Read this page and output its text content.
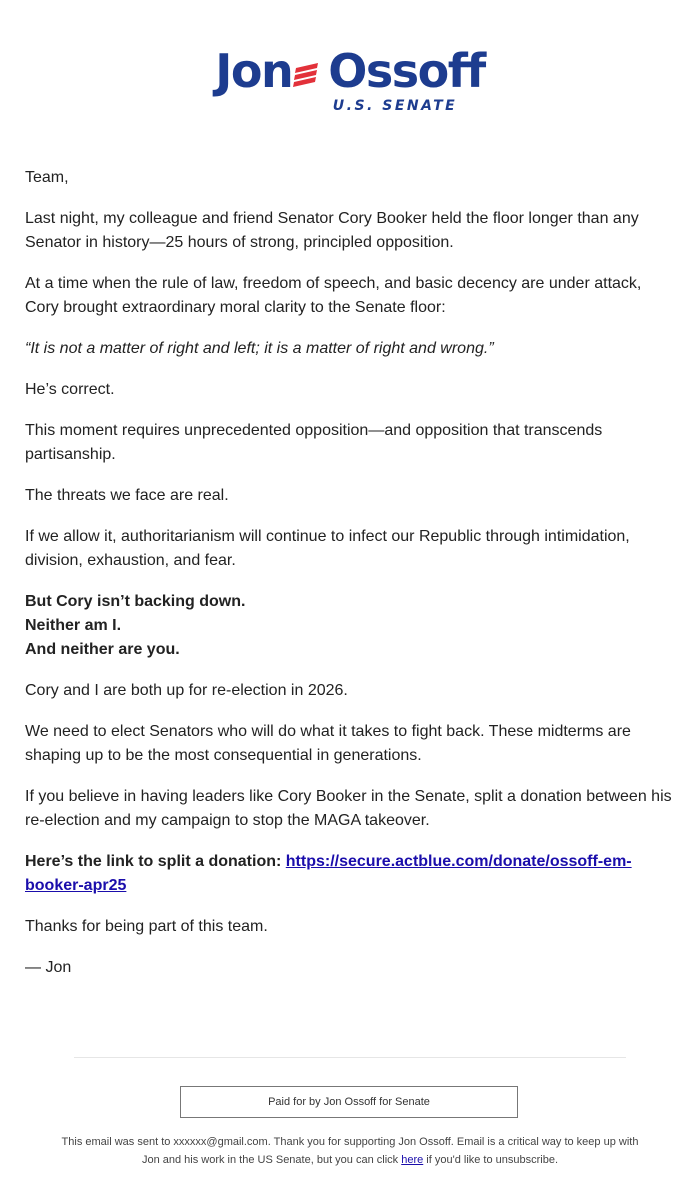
Jon Ossoff
U.S. SENATE

Team,

Last night, my colleague and friend Senator Cory Booker held the floor longer than any Senator in history—25 hours of strong, principled opposition.

At a time when the rule of law, freedom of speech, and basic decency are under attack, Cory brought extraordinary moral clarity to the Senate floor:

“It is not a matter of right and left; it is a matter of right and wrong.”

He’s correct.

This moment requires unprecedented opposition—and opposition that transcends partisanship.

The threats we face are real.

If we allow it, authoritarianism will continue to infect our Republic through intimidation, division, exhaustion, and fear.

But Cory isn’t backing down.
Neither am I.
And neither are you.

Cory and I are both up for re-election in 2026.

We need to elect Senators who will do what it takes to fight back. These midterms are shaping up to be the most consequential in generations.

If you believe in having leaders like Cory Booker in the Senate, split a donation between his re-election and my campaign to stop the MAGA takeover.

Here’s the link to split a donation: https://secure.actblue.com/donate/ossoff-em-booker-apr25

Thanks for being part of this team.

— Jon

Paid for by Jon Ossoff for Senate
This email was sent to xxxxxx@gmail.com. Thank you for supporting Jon Ossoff. Email is a critical way to keep up with Jon and his work in the US Senate, but you can click here if you'd like to unsubscribe.
